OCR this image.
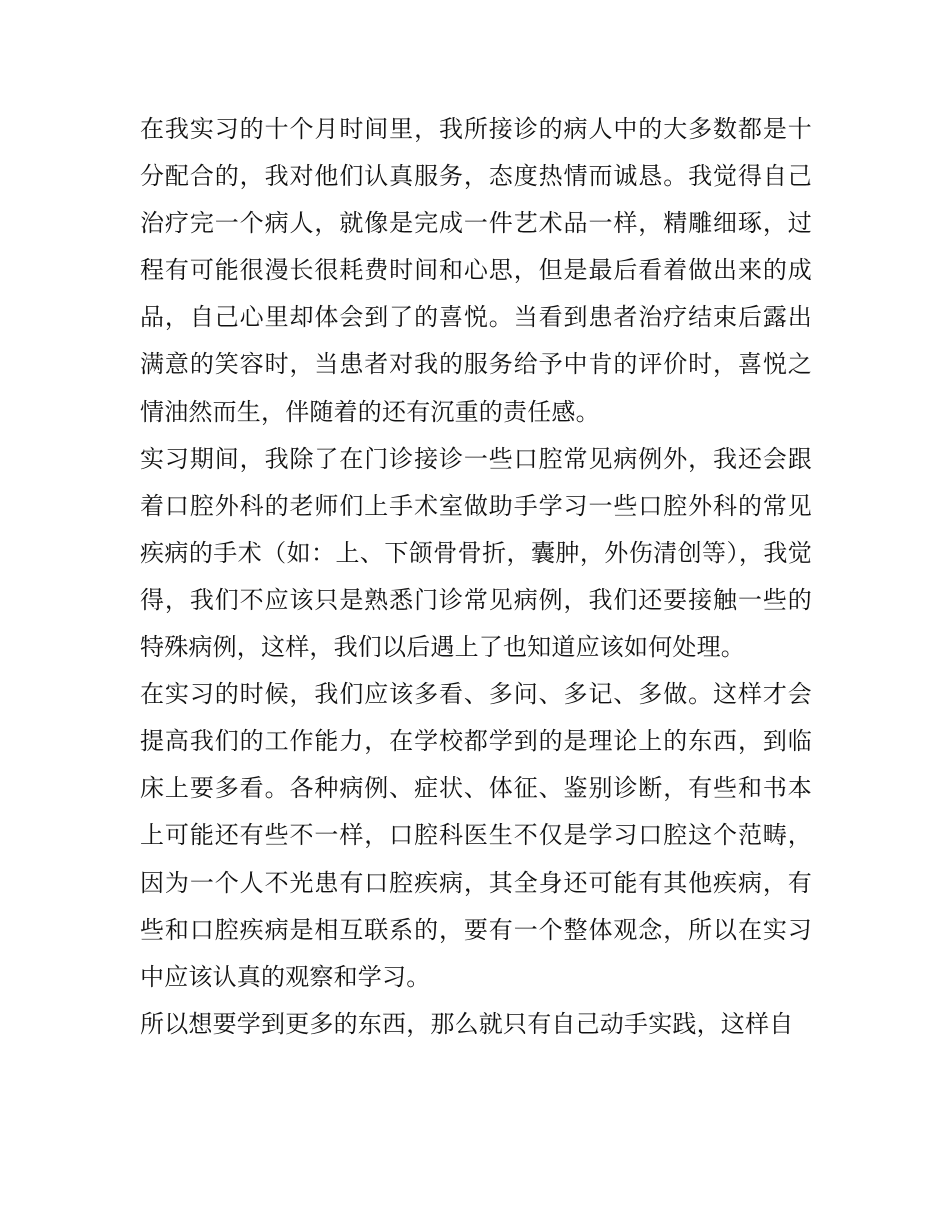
在我实习的十个月时间里，我所接诊的病人中的大多数都是十分配合的，我对他们认真服务，态度热情而诚恳。我觉得自己治疗完一个病人，就像是完成一件艺术品一样，精雕细琢，过程有可能很漫长很耗费时间和心思，但是最后看着做出来的成品，自己心里却体会到了的喜悦。当看到患者治疗结束后露出满意的笑容时，当患者对我的服务给予中肯的评价时，喜悦之情油然而生，伴随着的还有沉重的责任感。

实习期间，我除了在门诊接诊一些口腔常见病例外，我还会跟着口腔外科的老师们上手术室做助手学习一些口腔外科的常见疾病的手术（如：上、下颌骨骨折，囊肿，外伤清创等），我觉得，我们不应该只是熟悉门诊常见病例，我们还要接触一些的特殊病例，这样，我们以后遇上了也知道应该如何处理。

在实习的时候，我们应该多看、多问、多记、多做。这样才会提高我们的工作能力，在学校都学到的是理论上的东西，到临床上要多看。各种病例、症状、体征、鉴别诊断，有些和书本上可能还有些不一样，口腔科医生不仅是学习口腔这个范畴，因为一个人不光患有口腔疾病，其全身还可能有其他疾病，有些和口腔疾病是相互联系的，要有一个整体观念，所以在实习中应该认真的观察和学习。

所以想要学到更多的东西，那么就只有自己动手实践，这样自
